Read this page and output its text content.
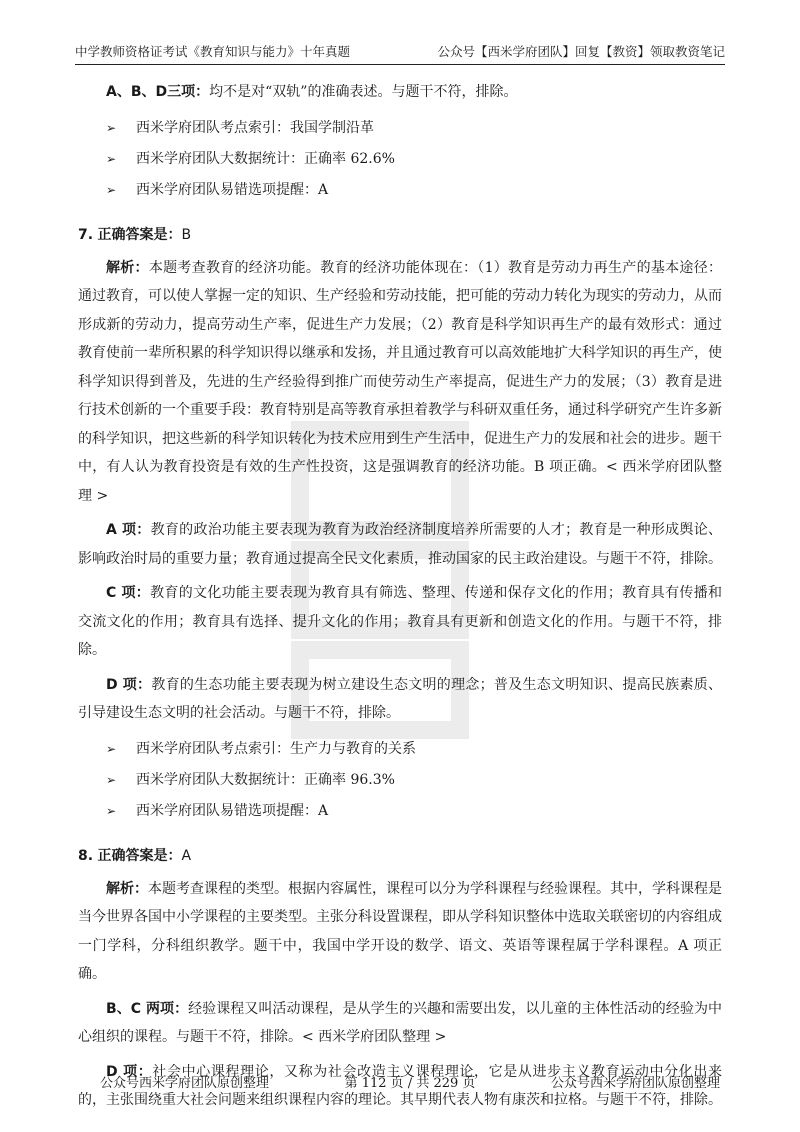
中学教师资格证考试《教育知识与能力》十年真题	公众号【西米学府团队】回复【教资】领取教资笔记

A、B、D三项：均不是对“双轨”的准确表述。与题干不符，排除。

➢	西米学府团队考点索引：我国学制沿革
➢	西米学府团队大数据统计：正确率 62.6%
➢	西米学府团队易错选项提醒：A
7. 正确答案是：B

解析：本题考查教育的经济功能。教育的经济功能体现在：（1）教育是劳动力再生产的基本途径：通过教育，可以使人掌握一定的知识、生产经验和劳动技能，把可能的劳动力转化为现实的劳动力，从而形成新的劳动力，提高劳动生产率，促进生产力发展；（2）教育是科学知识再生产的最有效形式：通过教育使前一辈所积累的科学知识得以继承和发扬，并且通过教育可以高效能地扩大科学知识的再生产，使科学知识得到普及，先进的生产经验得到推广而使劳动生产率提高，促进生产力的发展；（3）教育是进行技术创新的一个重要手段：教育特别是高等教育承担着教学与科研双重任务，通过科学研究产生许多新的科学知识，把这些新的科学知识转化为技术应用到生产生活中，促进生产力的发展和社会的进步。题干中，有人认为教育投资是有效的生产性投资，这是强调教育的经济功能。B 项正确。< 西米学府团队整理 >

A 项：教育的政治功能主要表现为教育为政治经济制度培养所需要的人才；教育是一种形成舆论、影响政治时局的重要力量；教育通过提高全民文化素质，推动国家的民主政治建设。与题干不符，排除。

C 项：教育的文化功能主要表现为教育具有筛选、整理、传递和保存文化的作用；教育具有传播和交流文化的作用；教育具有选择、提升文化的作用；教育具有更新和创造文化的作用。与题干不符，排除。

D 项：教育的生态功能主要表现为树立建设生态文明的理念；普及生态文明知识、提高民族素质、引导建设生态文明的社会活动。与题干不符，排除。

➢	西米学府团队考点索引：生产力与教育的关系
➢	西米学府团队大数据统计：正确率 96.3%
➢	西米学府团队易错选项提醒：A
8. 正确答案是：A

解析：本题考查课程的类型。根据内容属性，课程可以分为学科课程与经验课程。其中，学科课程是当今世界各国中小学课程的主要类型。主张分科设置课程，即从学科知识整体中选取关联密切的内容组成一门学科，分科组织教学。题干中，我国中学开设的数学、语文、英语等课程属于学科课程。A 项正确。

B、C 两项：经验课程又叫活动课程，是从学生的兴趣和需要出发，以儿童的主体性活动的经验为中心组织的课程。与题干不符，排除。< 西米学府团队整理 >

D 项：社会中心课程理论，又称为社会改造主义课程理论，它是从进步主义教育运动中分化出来的，主张围绕重大社会问题来组织课程内容的理论。其早期代表人物有康茨和拉格。与题干不符，排除。

公众号西米学府团队原创整理	第 112 页 / 共 229 页	公众号西米学府团队原创整理
